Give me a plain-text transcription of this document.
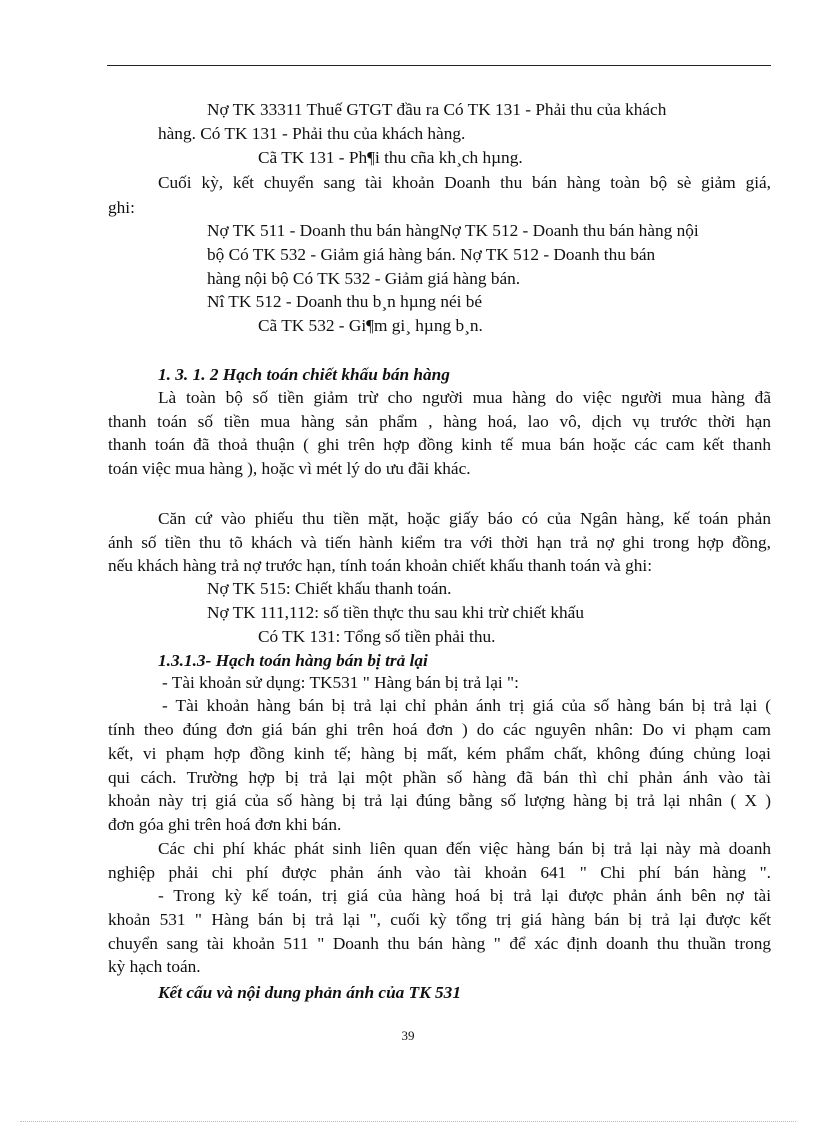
Nợ TK 33311 Thuế GTGT đầu ra Có TK 131 - Phải thu của khách
hàng. Có TK 131 - Phải thu của khách hàng.
Cã TK 131 - Ph¶i thu cña kh¸ch hµng.
Cuối kỳ, kết chuyển sang tài khoản Doanh thu bán hàng toàn bộ sè giảm giá,
ghi:
Nợ TK 511 - Doanh thu bán hàngNợ TK 512 - Doanh thu bán hàng nội
bộ Có TK 532 - Giảm giá hàng bán. Nợ TK 512 - Doanh thu bán
hàng nội bộ Có TK 532 - Giảm giá hàng bán.
Nî TK 512 - Doanh thu b¸n hµng néi bé
Cã TK 532 - Gi¶m gi¸ hµng b¸n.
1. 3. 1. 2 Hạch toán chiết khấu bán hàng
Là toàn bộ số tiền giảm trừ cho người mua hàng do việc người mua hàng đã
thanh toán số tiền mua hàng sản phẩm , hàng hoá, lao vô, dịch vụ trước thời hạn
thanh toán đã thoả thuận ( ghi trên hợp đồng kinh tế mua bán hoặc các cam kết thanh
toán việc mua hàng ), hoặc vì mét lý do ưu đãi khác.
Căn cứ vào phiếu thu tiền mặt, hoặc giấy báo có của Ngân hàng, kế toán phản
ánh số tiền thu tõ khách và tiến hành kiểm tra với thời hạn trả nợ ghi trong hợp đồng,
nếu khách hàng trả nợ trước hạn, tính toán khoản chiết khấu thanh toán và ghi:
Nợ TK 515: Chiết khấu thanh toán.
Nợ TK 111,112: số tiền thực thu sau khi trừ chiết khấu
Có TK 131: Tổng số tiền phải thu.
1.3.1.3- Hạch toán hàng bán bị trả lại
- Tài khoản sử dụng: TK531 " Hàng bán bị trả lại ":
- Tài khoản hàng bán bị trả lại chỉ phản ánh trị giá của số hàng bán bị trả lại (
tính theo đúng đơn giá bán ghi trên hoá đơn ) do các nguyên nhân: Do vi phạm cam
kết, vi phạm hợp đồng kinh tế; hàng bị mất, kém phẩm chất, không đúng chủng loại
qui cách. Trường hợp bị trả lại một phần số hàng đã bán thì chỉ phản ánh vào tài
khoản này trị giá của số hàng bị trả lại đúng bằng số lượng hàng bị trả lại nhân ( X )
đơn góa ghi trên hoá đơn khi bán.
Các chi phí khác phát sinh liên quan đến việc hàng bán bị trả lại này mà doanh
nghiệp phải chi phí được phản ánh vào tài khoản 641 " Chi phí bán hàng ".
- Trong kỳ kế toán, trị giá của hàng hoá bị trả lại được phản ánh bên nợ tài
khoản 531 " Hàng bán bị trả lại ", cuối kỳ tổng trị giá hàng bán bị trả lại được kết
chuyển sang tài khoản 511 " Doanh thu bán hàng " để xác định doanh thu thuần trong
kỳ hạch toán.
Kết cấu và nội dung phản ánh của TK 531
39
